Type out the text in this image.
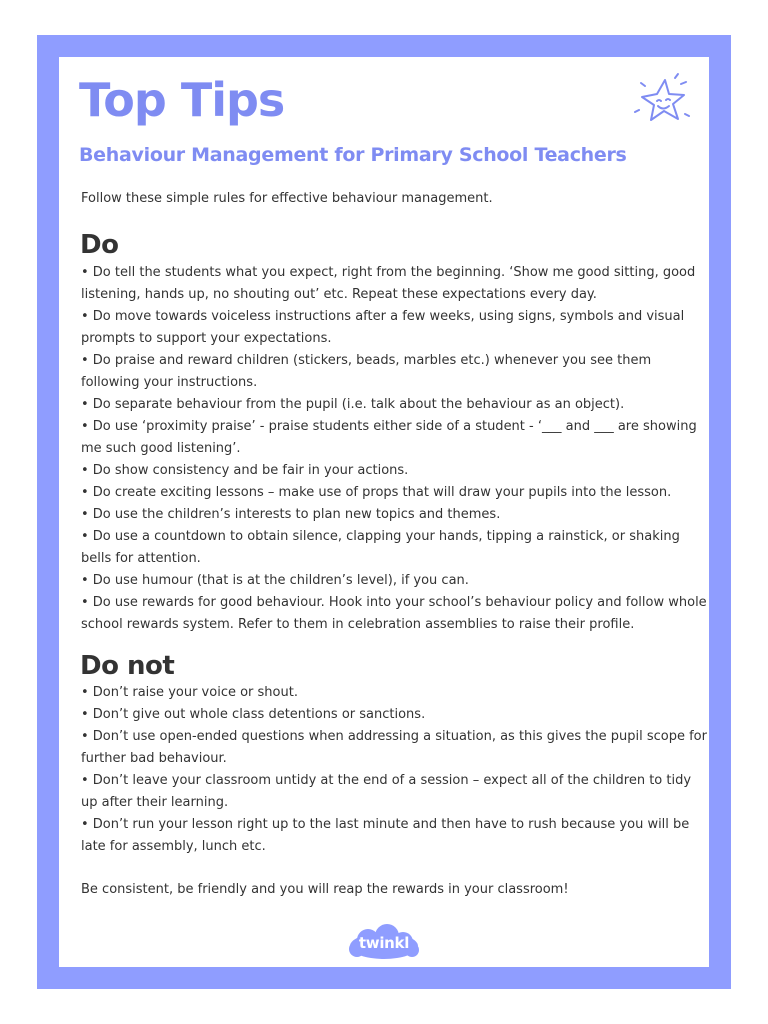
Top Tips
Behaviour Management for Primary School Teachers

Follow these simple rules for effective behaviour management.

Do
• Do tell the students what you expect, right from the beginning. ‘Show me good sitting, good listening, hands up, no shouting out’ etc. Repeat these expectations every day.
• Do move towards voiceless instructions after a few weeks, using signs, symbols and visual prompts to support your expectations.
• Do praise and reward children (stickers, beads, marbles etc.) whenever you see them following your instructions.
• Do separate behaviour from the pupil (i.e. talk about the behaviour as an object).
• Do use ‘proximity praise’ - praise students either side of a student - ‘___ and ___ are showing me such good listening’.
• Do show consistency and be fair in your actions.
• Do create exciting lessons – make use of props that will draw your pupils into the lesson.
• Do use the children’s interests to plan new topics and themes.
• Do use a countdown to obtain silence, clapping your hands, tipping a rainstick, or shaking bells for attention.
• Do use humour (that is at the children’s level), if you can.
• Do use rewards for good behaviour. Hook into your school’s behaviour policy and follow whole school rewards system. Refer to them in celebration assemblies to raise their profile.
Do not
• Don’t raise your voice or shout.
• Don’t give out whole class detentions or sanctions.
• Don’t use open-ended questions when addressing a situation, as this gives the pupil scope for further bad behaviour.
• Don’t leave your classroom untidy at the end of a session – expect all of the children to tidy up after their learning.
• Don’t run your lesson right up to the last minute and then have to rush because you will be late for assembly, lunch etc.

Be consistent, be friendly and you will reap the rewards in your classroom!

twinkl
